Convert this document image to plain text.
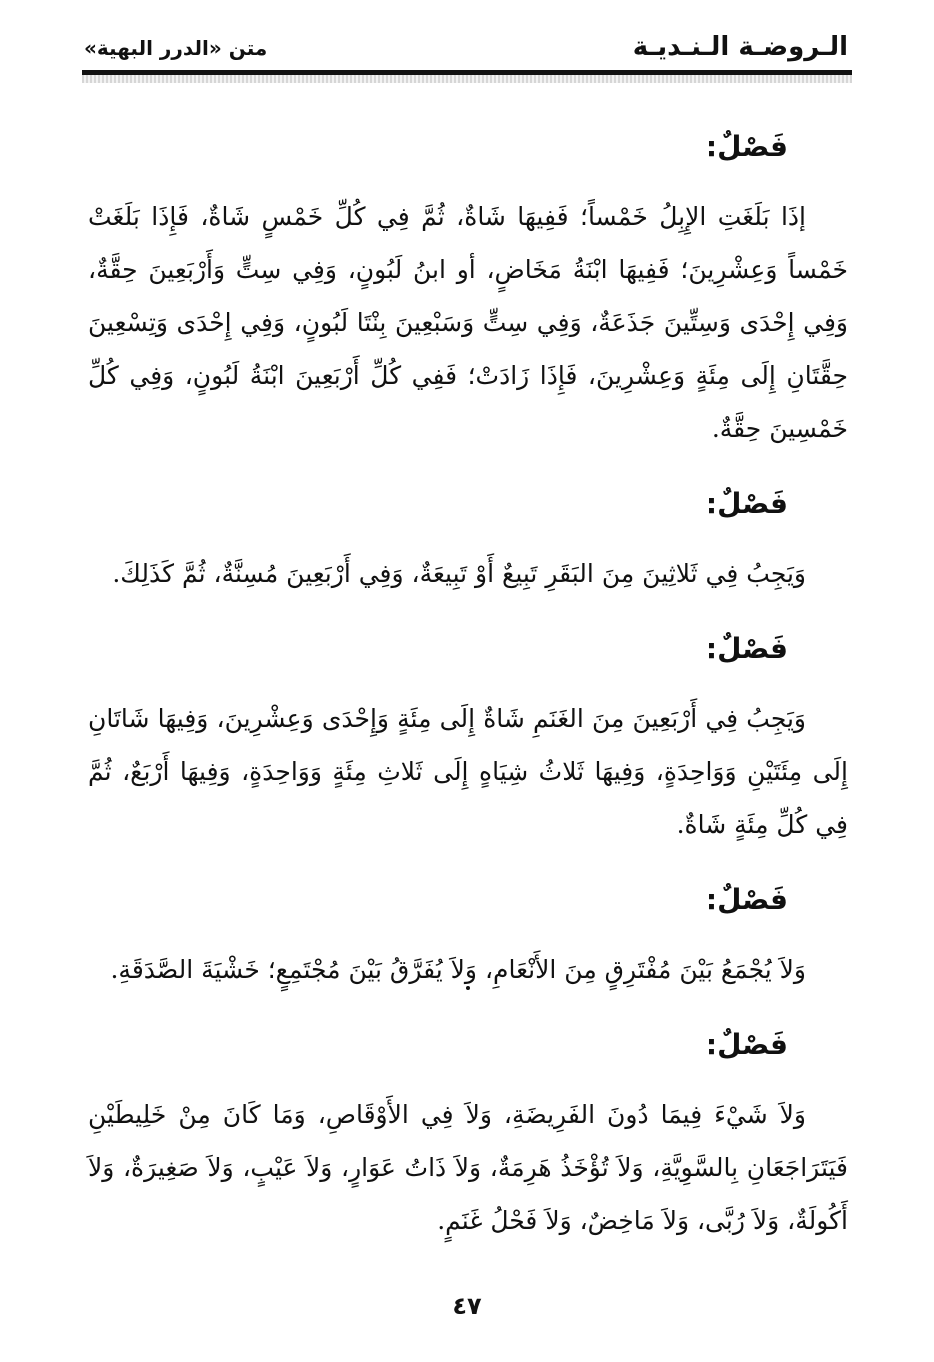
الـروضـة الـنـديـة
متن «الدرر البهية»
فَصْلٌ:

إذَا بَلَغَتِ الإِبِلُ خَمْساً؛ فَفِيهَا شَاةٌ، ثُمَّ فِي كُلِّ خَمْسٍ شَاةٌ، فَإِذَا بَلَغَتْ خَمْساً وَعِشْرِينَ؛ فَفِيهَا ابْنَةُ مَخَاضٍ، أو ابنُ لَبُونٍ، وَفِي سِتٍّ وَأَرْبَعِينَ حِقَّةٌ، وَفِي إِحْدَى وَسِتِّينَ جَذَعَةٌ، وَفِي سِتٍّ وَسَبْعِينَ بِنْتَا لَبُونٍ، وَفِي إِحْدَى وَتِسْعِينَ حِقَّتَانِ إِلَى مِئَةٍ وَعِشْرِينَ، فَإِذَا زَادَتْ؛ فَفِي كُلِّ أَرْبَعِينَ ابْنَةُ لَبُونٍ، وَفِي كُلِّ خَمْسِينَ حِقَّةٌ.

فَصْلٌ:

وَيَجِبُ فِي ثَلاثِينَ مِنَ البَقَرِ تَبِيعٌ أَوْ تَبِيعَةٌ، وَفِي أَرْبَعِينَ مُسِنَّةٌ، ثُمَّ كَذَلِكَ.

فَصْلٌ:

وَيَجِبُ فِي أَرْبَعِينَ مِنَ الغَنَمِ شَاةٌ إِلَى مِئَةٍ وَإِحْدَى وَعِشْرِينَ، وَفِيهَا شَاتَانِ إِلَى مِئَتَيْنِ وَوَاحِدَةٍ، وَفِيهَا ثَلاثُ شِيَاهٍ إِلَى ثَلاثِ مِئَةٍ وَوَاحِدَةٍ، وَفِيهَا أَرْبَعٌ، ثُمَّ فِي كُلِّ مِئَةٍ شَاةٌ.

فَصْلٌ:

وَلاَ يُجْمَعُ بَيْنَ مُفْتَرِقٍ مِنَ الأَنْعَامِ، وَلاَ يُفَرَّقُ بَيْنَ مُجْتَمِعٍ؛ خَشْيَةَ الصَّدَقَةِ.

فَصْلٌ:

وَلاَ شَيْءَ فِيمَا دُونَ الفَرِيضَةِ، وَلاَ فِي الأَوْقَاصِ، وَمَا كَانَ مِنْ خَلِيطَيْنِ فَيَتَرَاجَعَانِ بِالسَّوِيَّةِ، وَلاَ تُؤْخَذُ هَرِمَةٌ، وَلاَ ذَاتُ عَوَارٍ، وَلاَ عَيْبٍ، وَلاَ صَغِيرَةٌ، وَلاَ أَكُولَةٌ، وَلاَ رُبَّى، وَلاَ مَاخِضٌ، وَلاَ فَحْلُ غَنَمٍ.

٤٧
